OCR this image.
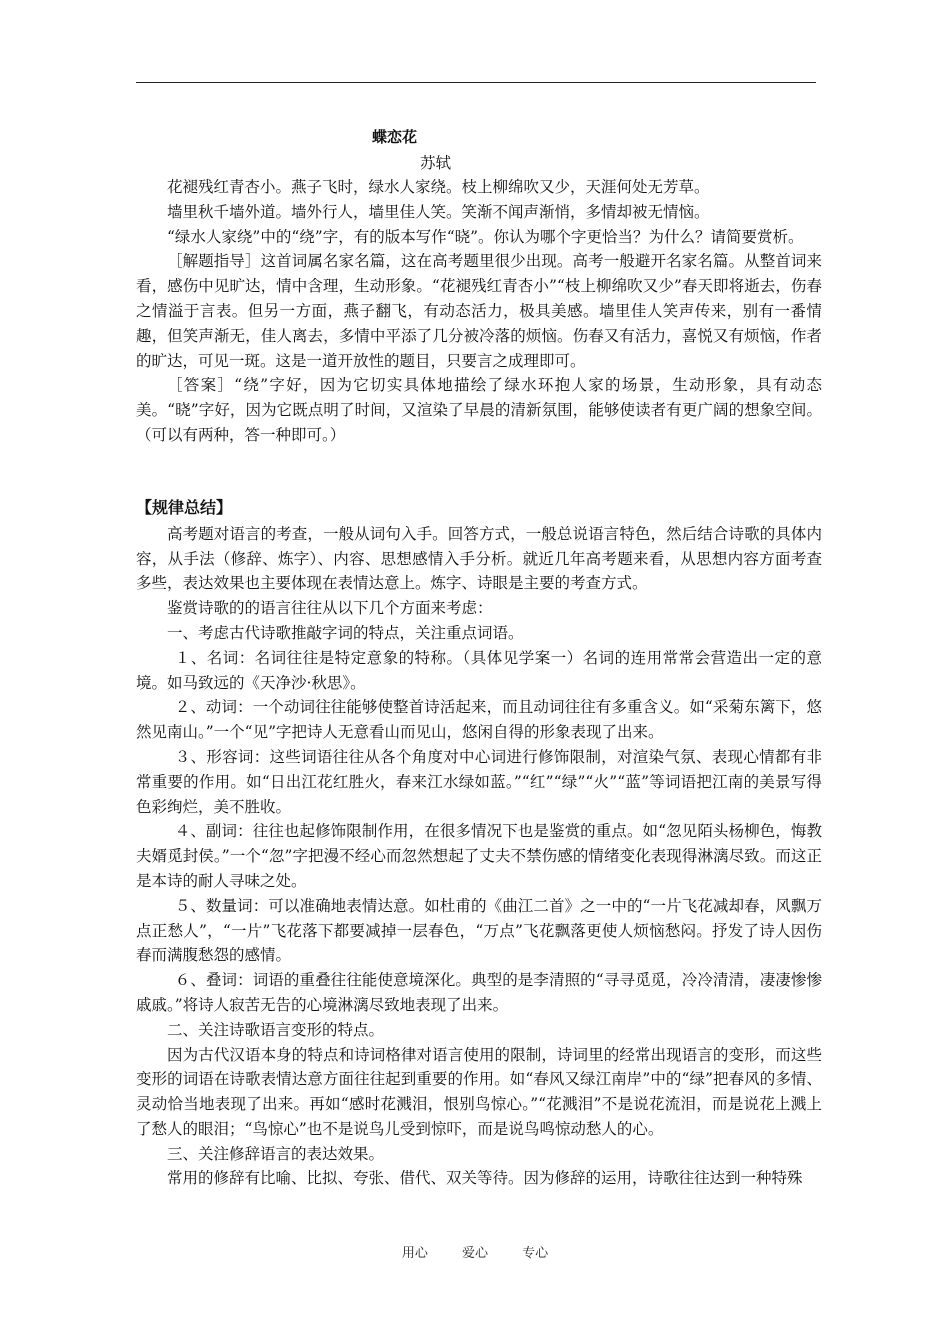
蝶恋花
苏轼

花褪残红青杏小。燕子飞时，绿水人家绕。枝上柳绵吹又少，天涯何处无芳草。

墙里秋千墙外道。墙外行人，墙里佳人笑。笑渐不闻声渐悄，多情却被无情恼。

“绿水人家绕”中的“绕”字，有的版本写作“晓”。你认为哪个字更恰当？为什么？请简要赏析。

［解题指导］这首词属名家名篇，这在高考题里很少出现。高考一般避开名家名篇。从整首词来看，感伤中见旷达，情中含理，生动形象。“花褪残红青杏小”“枝上柳绵吹又少”春天即将逝去，伤春之情溢于言表。但另一方面，燕子翻飞，有动态活力，极具美感。墙里佳人笑声传来，别有一番情趣，但笑声渐无，佳人离去，多情中平添了几分被冷落的烦恼。伤春又有活力，喜悦又有烦恼，作者的旷达，可见一斑。这是一道开放性的题目，只要言之成理即可。

［答案］“绕”字好，因为它切实具体地描绘了绿水环抱人家的场景，生动形象，具有动态美。“晓”字好，因为它既点明了时间，又渲染了早晨的清新氛围，能够使读者有更广阔的想象空间。（可以有两种，答一种即可。）

【规律总结】

高考题对语言的考查，一般从词句入手。回答方式，一般总说语言特色，然后结合诗歌的具体内容，从手法（修辞、炼字）、内容、思想感情入手分析。就近几年高考题来看，从思想内容方面考查多些，表达效果也主要体现在表情达意上。炼字、诗眼是主要的考查方式。

鉴赏诗歌的的语言往往从以下几个方面来考虑：

一、考虑古代诗歌推敲字词的特点，关注重点词语。

１、名词：名词往往是特定意象的特称。（具体见学案一）名词的连用常常会营造出一定的意境。如马致远的《天净沙·秋思》。

２、动词：一个动词往往能够使整首诗活起来，而且动词往往有多重含义。如“采菊东篱下，悠然见南山。”一个“见”字把诗人无意看山而见山，悠闲自得的形象表现了出来。

３、形容词：这些词语往往从各个角度对中心词进行修饰限制，对渲染气氛、表现心情都有非常重要的作用。如“日出江花红胜火，春来江水绿如蓝。”“红”“绿”“火”“蓝”等词语把江南的美景写得色彩绚烂，美不胜收。

４、副词：往往也起修饰限制作用，在很多情况下也是鉴赏的重点。如“忽见陌头杨柳色，悔教夫婿觅封侯。”一个“忽”字把漫不经心而忽然想起了丈夫不禁伤感的情绪变化表现得淋漓尽致。而这正是本诗的耐人寻味之处。

５、数量词：可以准确地表情达意。如杜甫的《曲江二首》之一中的“一片飞花减却春，风飘万点正愁人”，“一片”飞花落下都要减掉一层春色，“万点”飞花飘落更使人烦恼愁闷。抒发了诗人因伤春而满腹愁怨的感情。

６、叠词：词语的重叠往往能使意境深化。典型的是李清照的“寻寻觅觅，冷冷清清，凄凄惨惨戚戚。”将诗人寂苦无告的心境淋漓尽致地表现了出来。

二、关注诗歌语言变形的特点。

因为古代汉语本身的特点和诗词格律对语言使用的限制，诗词里的经常出现语言的变形，而这些变形的词语在诗歌表情达意方面往往起到重要的作用。如“春风又绿江南岸”中的“绿”把春风的多情、灵动恰当地表现了出来。再如“感时花溅泪，恨别鸟惊心。”“花溅泪”不是说花流泪，而是说花上溅上了愁人的眼泪；“鸟惊心”也不是说鸟儿受到惊吓，而是说鸟鸣惊动愁人的心。

三、关注修辞语言的表达效果。

常用的修辞有比喻、比拟、夸张、借代、双关等待。因为修辞的运用，诗歌往往达到一种特殊

用心	爱心	专心
